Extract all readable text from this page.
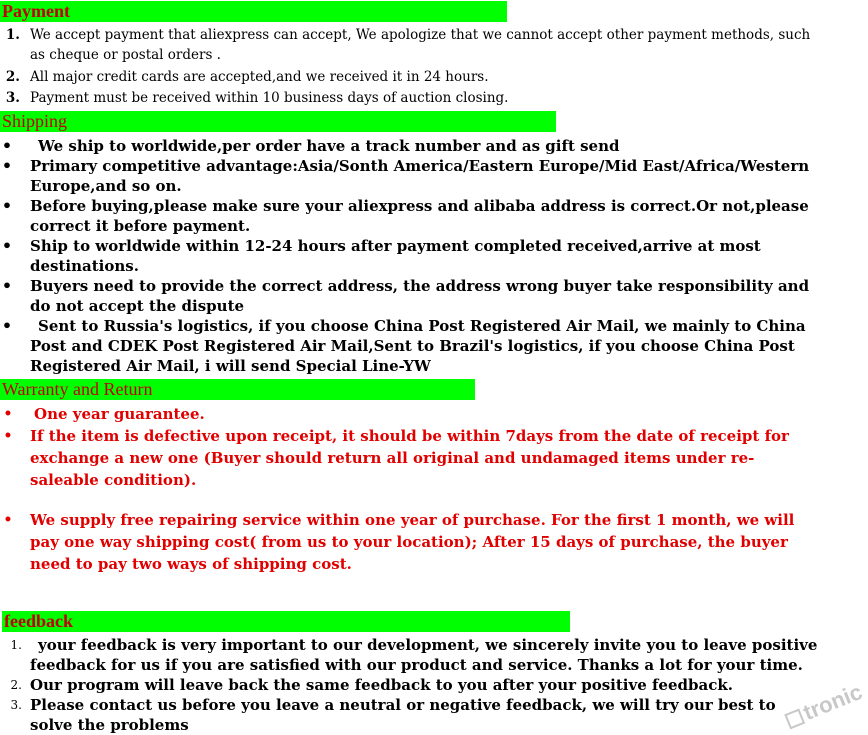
Payment
1. We accept payment that aliexpress can accept, We apologize that we cannot accept other payment methods, such as cheque or postal orders .
2. All major credit cards are accepted,and we received it in 24 hours.
3. Payment must be received within 10 business days of auction closing.
Shipping
• We ship to worldwide,per order have a track number and as gift send
• Primary competitive advantage:Asia/Sonth America/Eastern Europe/Mid East/Africa/Western Europe,and so on.
• Before buying,please make sure your aliexpress and alibaba address is correct.Or not,please correct it before payment.
• Ship to worldwide within 12-24 hours after payment completed received,arrive at most destinations.
• Buyers need to provide the correct address, the address wrong buyer take responsibility and do not accept the dispute
•	Sent to Russia's logistics, if you choose China Post Registered Air Mail, we mainly to China Post and CDEK Post Registered Air Mail,Sent to Brazil's logistics, if you choose China Post Registered Air Mail, i will send Special Line-YW
Warranty and Return
• One year guarantee.
• If the item is defective upon receipt, it should be within 7days from the date of receipt for exchange a new one (Buyer should return all original and undamaged items under re-saleable condition).
• We supply free repairing service within one year of purchase. For the first 1 month, we will pay one way shipping cost( from us to your location); After 15 days of purchase, the buyer need to pay two ways of shipping cost.
feedback
1.	your feedback is very important to our development, we sincerely invite you to leave positive feedback for us if you are satisfied with our product and service. Thanks a lot for your time.
2. Our program will leave back the same feedback to you after your positive feedback.
3. Please contact us before you leave a neutral or negative feedback, we will try our best to solve the problems	tronic
